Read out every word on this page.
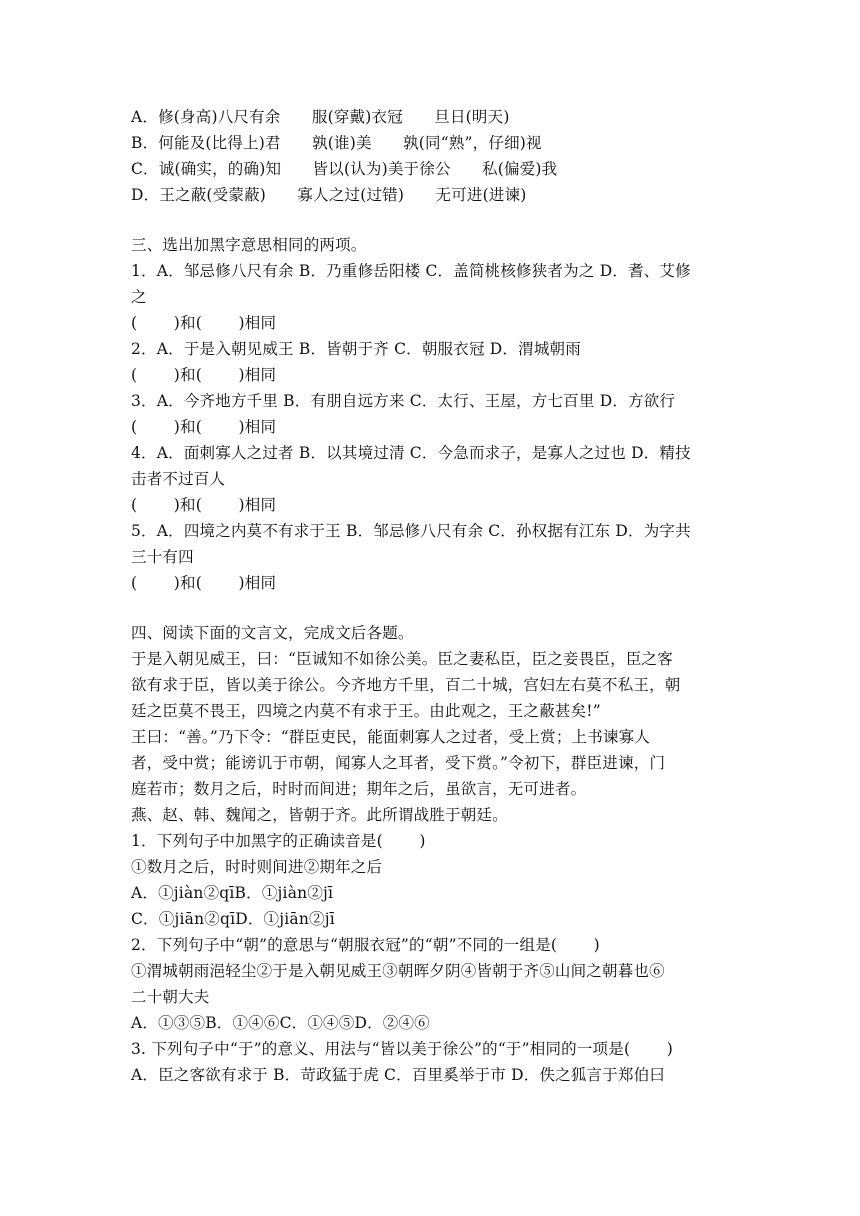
A．修(身高)八尺有余　　服(穿戴)衣冠　　旦日(明天)
B．何能及(比得上)君　　孰(谁)美　　孰(同“熟”，仔细)视
C．诚(确实，的确)知　　皆以(认为)美于徐公　　私(偏爱)我
D．王之蔽(受蒙蔽)　　寡人之过(过错)　　无可进(进谏)
三、选出加黑字意思相同的两项。
1．A．邹忌修八尺有余 B．乃重修岳阳楼 C．盖简桃核修狭者为之 D．耆、艾修
之
(　　 )和(　　 )相同
2．A．于是入朝见威王 B．皆朝于齐 C．朝服衣冠 D．渭城朝雨
(　　 )和(　　 )相同
3．A．今齐地方千里 B．有朋自远方来 C．太行、王屋，方七百里 D．方欲行
(　　 )和(　　 )相同
4．A．面刺寡人之过者 B．以其境过清 C．今急而求子，是寡人之过也 D．精技
击者不过百人
(　　 )和(　　 )相同
5．A．四境之内莫不有求于王 B．邹忌修八尺有余 C．孙权据有江东 D．为字共
三十有四
(　　 )和(　　 )相同
四、阅读下面的文言文，完成文后各题。
于是入朝见威王，曰：“臣诚知不如徐公美。臣之妻私臣，臣之妾畏臣，臣之客
欲有求于臣，皆以美于徐公。今齐地方千里，百二十城，宫妇左右莫不私王，朝
廷之臣莫不畏王，四境之内莫不有求于王。由此观之，王之蔽甚矣!”
王曰：“善。”乃下令：“群臣吏民，能面刺寡人之过者，受上赏；上书谏寡人
者，受中赏；能谤讥于市朝，闻寡人之耳者，受下赏。”令初下，群臣进谏，门
庭若市；数月之后，时时而间进；期年之后，虽欲言，无可进者。
燕、赵、韩、魏闻之，皆朝于齐。此所谓战胜于朝廷。
1．下列句子中加黑字的正确读音是(　　 )
①数月之后，时时则间进②期年之后
A．①jiàn②qīB．①jiàn②jī
C．①jiān②qīD．①jiān②jī
2．下列句子中“朝”的意思与“朝服衣冠”的“朝”不同的一组是(　　 )
①渭城朝雨浥轻尘②于是入朝见威王③朝晖夕阴④皆朝于齐⑤山间之朝暮也⑥
二十朝大夫
A．①③⑤B．①④⑥C．①④⑤D．②④⑥
3. 下列句子中“于”的意义、用法与“皆以美于徐公”的“于”相同的一项是(　　 )
A．臣之客欲有求于 B．苛政猛于虎 C．百里奚举于市 D．佚之狐言于郑伯曰
